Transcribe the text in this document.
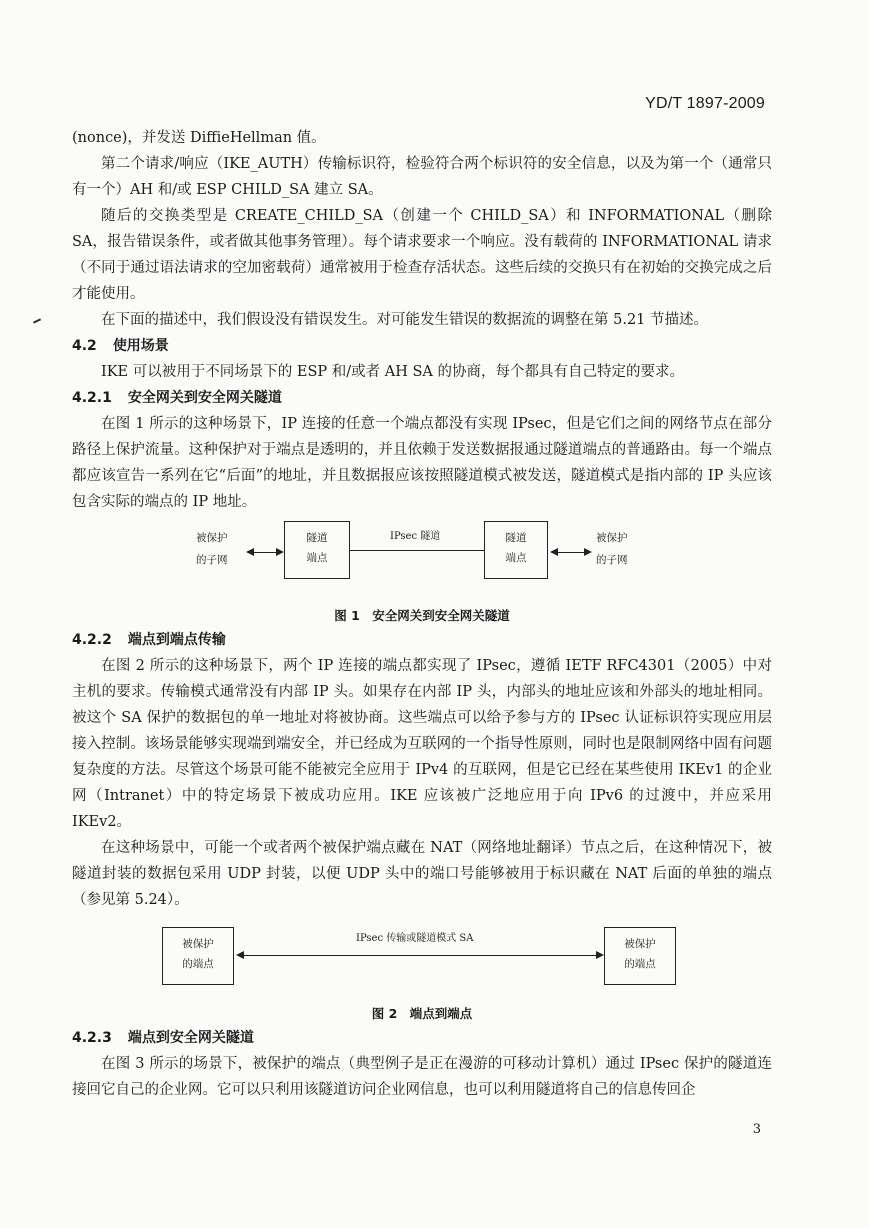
YD/T 1897-2009

(nonce)，并发送 DiffieHellman 值。

第二个请求/响应（IKE_AUTH）传输标识符，检验符合两个标识符的安全信息，以及为第一个（通常只有一个）AH 和/或 ESP CHILD_SA 建立 SA。

随后的交换类型是 CREATE_CHILD_SA（创建一个 CHILD_SA）和 INFORMATIONAL（删除 SA，报告错误条件，或者做其他事务管理）。每个请求要求一个响应。没有载荷的 INFORMATIONAL 请求（不同于通过语法请求的空加密载荷）通常被用于检查存活状态。这些后续的交换只有在初始的交换完成之后才能使用。

在下面的描述中，我们假设没有错误发生。对可能发生错误的数据流的调整在第 5.21 节描述。

4.2 使用场景

IKE 可以被用于不同场景下的 ESP 和/或者 AH SA 的协商，每个都具有自己特定的要求。

4.2.1 安全网关到安全网关隧道

在图 1 所示的这种场景下，IP 连接的任意一个端点都没有实现 IPsec，但是它们之间的网络节点在部分路径上保护流量。这种保护对于端点是透明的，并且依赖于发送数据报通过隧道端点的普通路由。每一个端点都应该宣告一系列在它“后面”的地址，并且数据报应该按照隧道模式被发送，隧道模式是指内部的 IP 头应该包含实际的端点的 IP 地址。

被保护
的子网
隧道
端点
IPsec 隧道	隧道
端点
被保护
的子网
图 1　安全网关到安全网关隧道
4.2.2 端点到端点传输

在图 2 所示的这种场景下，两个 IP 连接的端点都实现了 IPsec，遵循 IETF RFC4301（2005）中对主机的要求。传输模式通常没有内部 IP 头。如果存在内部 IP 头，内部头的地址应该和外部头的地址相同。被这个 SA 保护的数据包的单一地址对将被协商。这些端点可以给予参与方的 IPsec 认证标识符实现应用层接入控制。该场景能够实现端到端安全，并已经成为互联网的一个指导性原则，同时也是限制网络中固有问题复杂度的方法。尽管这个场景可能不能被完全应用于 IPv4 的互联网，但是它已经在某些使用 IKEv1 的企业网（Intranet）中的特定场景下被成功应用。IKE 应该被广泛地应用于向 IPv6 的过渡中，并应采用 IKEv2。

在这种场景中，可能一个或者两个被保护端点藏在 NAT（网络地址翻译）节点之后，在这种情况下，被隧道封装的数据包采用 UDP 封装，以便 UDP 头中的端口号能够被用于标识藏在 NAT 后面的单独的端点（参见第 5.24）。

被保护
的端点
IPsec 传输或隧道模式 SA	被保护
的端点
图 2　端点到端点
4.2.3 端点到安全网关隧道

在图 3 所示的场景下，被保护的端点（典型例子是正在漫游的可移动计算机）通过 IPsec 保护的隧道连接回它自己的企业网。它可以只利用该隧道访问企业网信息，也可以利用隧道将自己的信息传回企

3
